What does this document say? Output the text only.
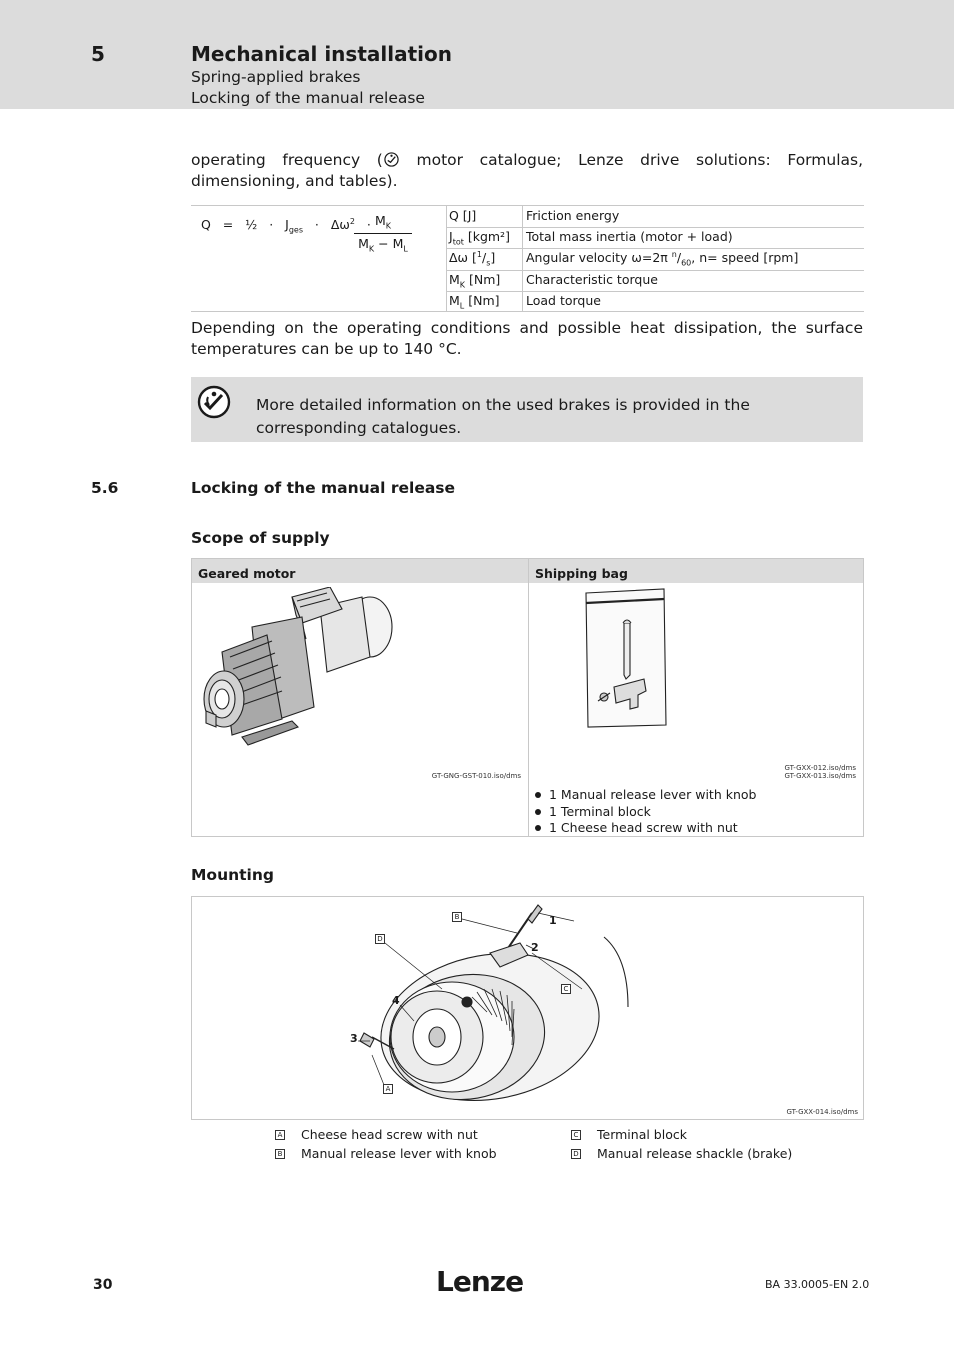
5	Mechanical installation
Spring-applied brakes
Locking of the manual release
operating frequency ( motor catalogue; Lenze drive solutions: Formulas, dimensioning, and tables).
Q = ½ · $J_{ges} \cdot \Delta\omega^2 \cdot M_K$
$M_K - M_L$
Q [J]	Friction energy
$J_{tot}$ [kgm²] Total mass inertia (motor + load)
Δω $[^1/_s]$ Angular velocity ω=2π $^n/_{60}$, n= speed [rpm]
$M_K$ [Nm] Characteristic torque
$M_L$ [Nm] Load torque
Depending on the operating conditions and possible heat dissipation, the surface temperatures can be up to 140 °C.
More detailed information on the used brakes is provided in the corresponding catalogues.
5.6	Locking of the manual release
Scope of supply
Geared motor	Shipping bag
GT-GNG-GST-010.iso/dms
GT-GXX-012.iso/dms
GT-GXX-013.iso/dms
1 Manual release lever with knob
1 Terminal block
1 Cheese head screw with nut
Mounting
B
D
C
A
1
2
3
4
GT-GXX-014.iso/dms
A Cheese head screw with nut
B Manual release lever with knob
C Terminal block
D Manual release shackle (brake)
30	Lenze	BA 33.0005-EN 2.0
